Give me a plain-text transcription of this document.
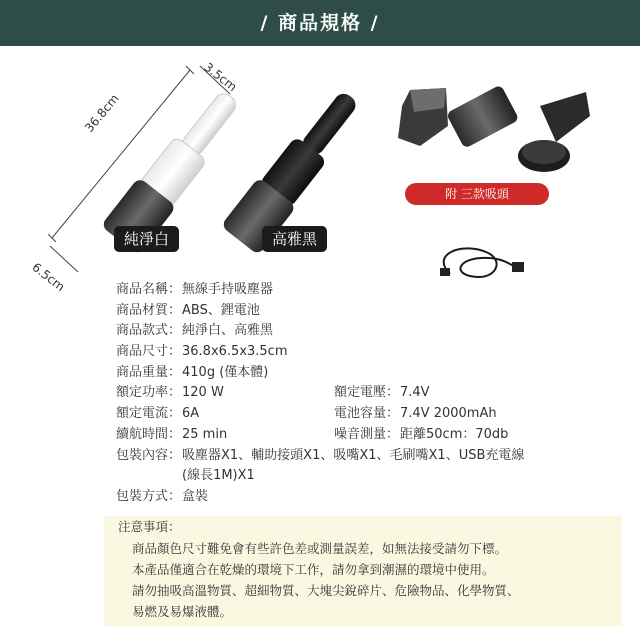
/ 商品規格 /
36.8cm
3.5cm
6.5cm
純淨白	高雅黑
附 三款吸頭
商品名稱： 無線手持吸塵器
商品材質： ABS、鋰電池
商品款式： 純淨白、高雅黑
商品尺寸： 36.8x6.5x3.5cm
商品重量： 410g (僅本體)
額定功率： 120 W	額定電壓： 7.4V
額定電流： 6A	電池容量： 7.4V 2000mAh
續航時間： 25 min	噪音測量： 距離50cm：70db
包裝內容： 吸塵器X1、輔助接頭X1、吸嘴X1、毛刷嘴X1、USB充電線
(線長1M)X1
包裝方式： 盒裝
注意事項：
商品顏色尺寸難免會有些許色差或測量誤差，如無法接受請勿下標。
本產品僅適合在乾燥的環境下工作，請勿拿到潮濕的環境中使用。
請勿抽吸高溫物質、超細物質、大塊尖銳碎片、危險物品、化學物質、
易燃及易爆液體。
